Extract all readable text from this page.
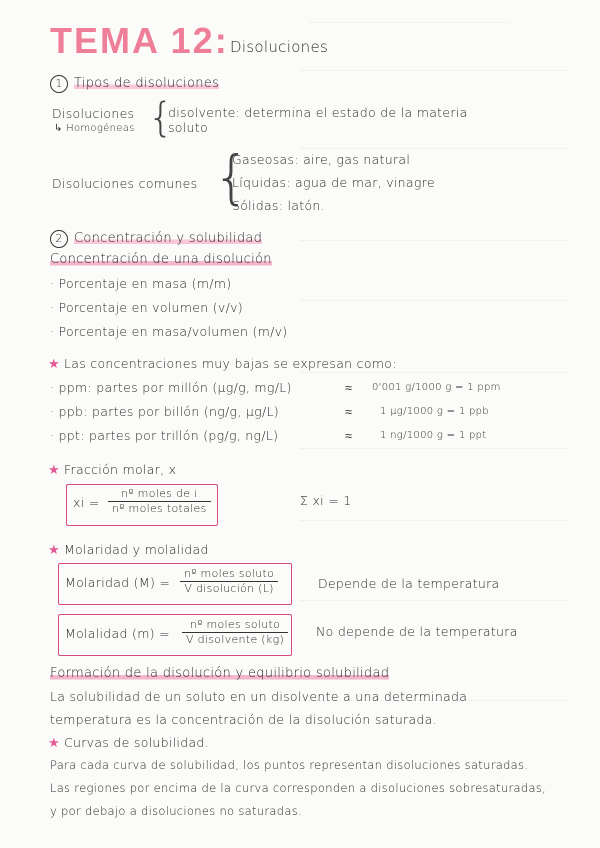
TEMA 12: Disoluciones
1 Tipos de disoluciones
Disoluciones
↳ Homogéneas {
disolvente: determina el estado de la materia
soluto
Disoluciones comunes {
Gaseosas: aire, gas natural
Líquidas: agua de mar, vinagre
Sólidas: latón.
2 Concentración y solubilidad
Concentración de una disolución
· Porcentaje en masa (m/m)
· Porcentaje en volumen (v/v)
· Porcentaje en masa/volumen (m/v)
★ Las concentraciones muy bajas se expresan como:
· ppm: partes por millón (μg/g, mg/L)	≈ 0'001 g/1000 g = 1 ppm
· ppb: partes por billón (ng/g, μg/L)	≈	1 μg/1000 g = 1 ppb
· ppt: partes por trillón (pg/g, ng/L)	≈	1 ng/1000 g = 1 ppt
★ Fracción molar, x
xi = $\frac{\text{nº moles de i}}{\text{nº moles totales}}$	Σ xi = 1
★ Molaridad y molalidad
Molaridad $(M) = \frac{\text{nº moles soluto}}{\text{V disolución (L)}}$	Depende de la temperatura
Molalidad $(m) = \frac{\text{nº moles soluto}}{\text{V disolvente (kg)}}$ No depende de la temperatura
Formación de la disolución y equilibrio solubilidad
La solubilidad de un soluto en un disolvente a una determinada
temperatura es la concentración de la disolución saturada.
★ Curvas de solubilidad.
Para cada curva de solubilidad, los puntos representan disoluciones saturadas.
Las regiones por encima de la curva corresponden a disoluciones sobresaturadas,
y por debajo a disoluciones no saturadas.
